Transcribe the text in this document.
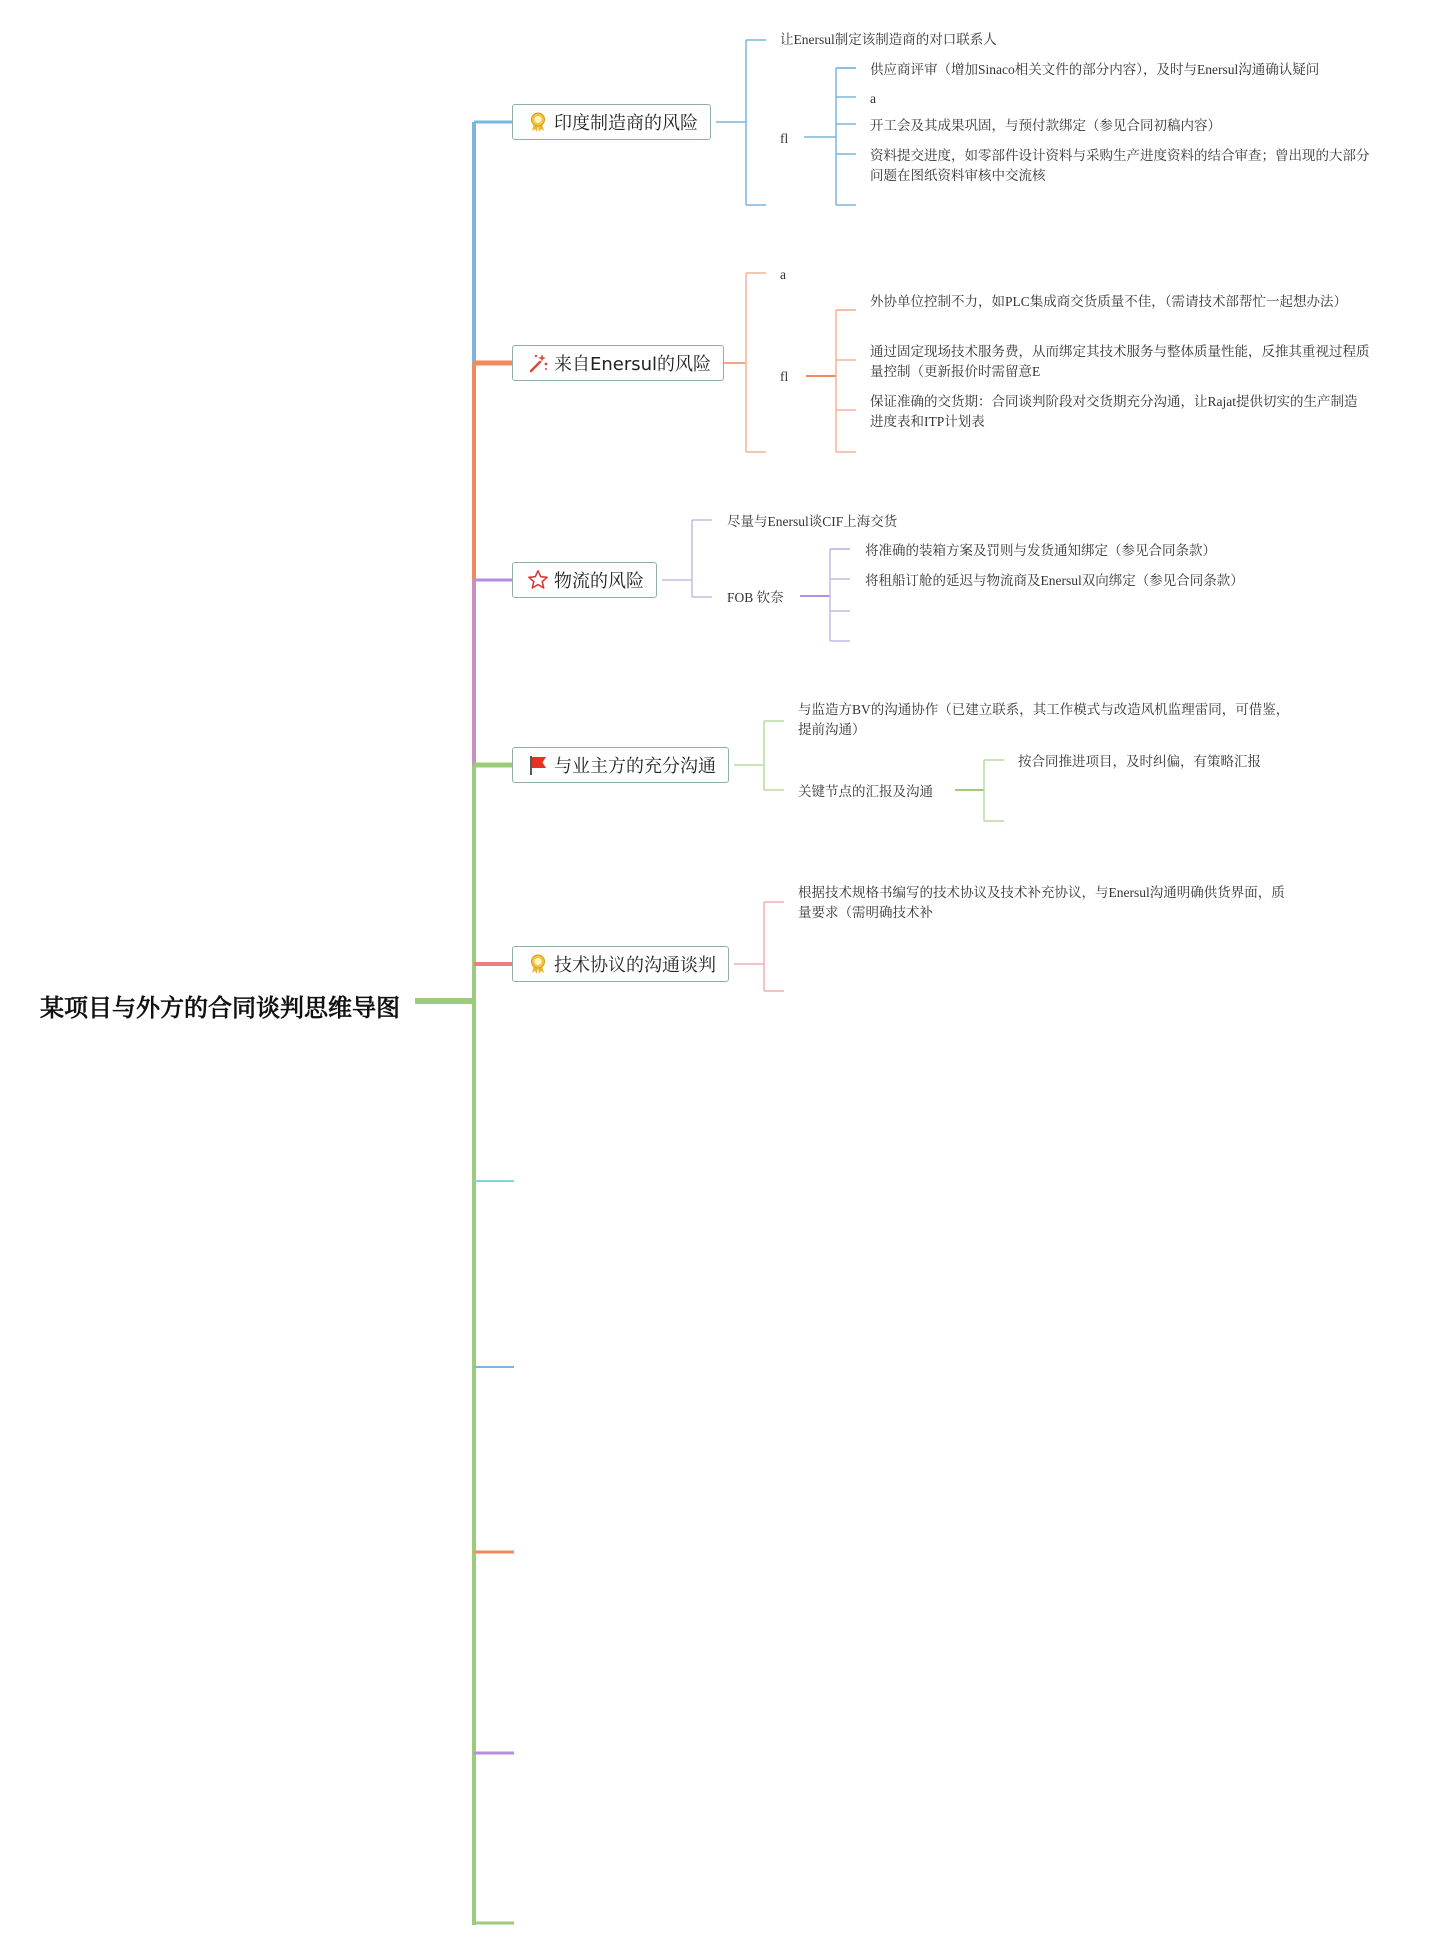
某项目与外方的合同谈判思维导图
印度制造商的风险
来自Enersul的风险
物流的风险
与业主方的充分沟通
技术协议的沟通谈判
让Enersul制定该制造商的对口联系人
fl
供应商评审（增加Sinaco相关文件的部分内容），及时与Enersul沟通确认疑问
a
开工会及其成果巩固，与预付款绑定（参见合同初稿内容）
资料提交进度，如零部件设计资料与采购生产进度资料的结合审查；曾出现的大部分问题在图纸资料审核中交流核
a
fl
外协单位控制不力，如PLC集成商交货质量不佳，（需请技术部帮忙一起想办法）
通过固定现场技术服务费，从而绑定其技术服务与整体质量性能，反推其重视过程质量控制（更新报价时需留意E
保证准确的交货期：合同谈判阶段对交货期充分沟通，让Rajat提供切实的生产制造进度表和ITP计划表
尽量与Enersul谈CIF上海交货
FOB 钦奈
将准确的装箱方案及罚则与发货通知绑定（参见合同条款）
将租船订舱的延迟与物流商及Enersul双向绑定（参见合同条款）
与监造方BV的沟通协作（已建立联系，其工作模式与改造风机监理雷同，可借鉴，提前沟通）
关键节点的汇报及沟通
按合同推进项目，及时纠偏，有策略汇报
根据技术规格书编写的技术协议及技术补充协议，与Enersul沟通明确供货界面，质量要求（需明确技术补
